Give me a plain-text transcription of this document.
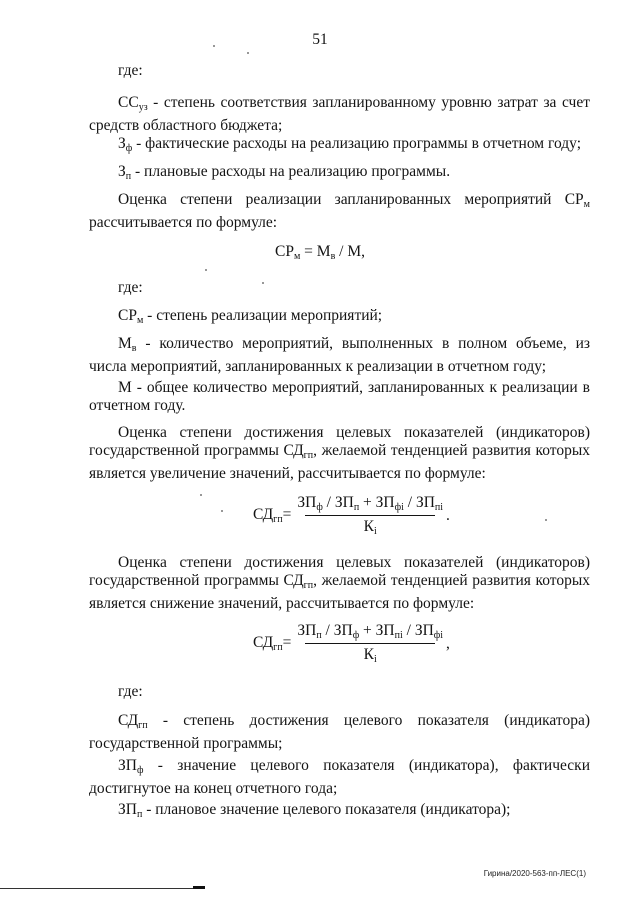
51
где:
$СС_{уз}$ - степень соответствия запланированному уровню затрат за счет средств областного бюджета;
$З_ф$ - фактические расходы на реализацию программы в отчетном году;
$З_п$ - плановые расходы на реализацию программы.
Оценка степени реализации запланированных мероприятий $СР_м$ рассчитывается по формуле:
$СР_м = М_в / М$,
где:
$СР_м$ - степень реализации мероприятий;
$М_в$ - количество мероприятий, выполненных в полном объеме, из числа мероприятий, запланированных к реализации в отчетном году;
М - общее количество мероприятий, запланированных к реализации в отчетном году.
Оценка степени достижения целевых показателей (индикаторов) государственной программы $СД_{гп}$, желаемой тенденцией развития которых является увеличение значений, рассчитывается по формуле:
$СД_{гп}= \frac{ЗП_ф / ЗП_п + ЗП_{фi} / ЗП_{пi}}{К_i}$ .
Оценка степени достижения целевых показателей (индикаторов) государственной программы $СД_{гп}$, желаемой тенденцией развития которых является снижение значений, рассчитывается по формуле:
$СД_{гп}= \frac{ЗП_п / ЗП_ф + ЗП_{пi} / ЗП_{фi}}{К_i}$ ,
где:
$СД_{гп}$ - степень достижения целевого показателя (индикатора) государственной программы;
$ЗП_ф$ - значение целевого показателя (индикатора), фактически достигнутое на конец отчетного года;
$ЗП_п$ - плановое значение целевого показателя (индикатора);
Гирина/2020-563-пп-ЛЕС(1)
